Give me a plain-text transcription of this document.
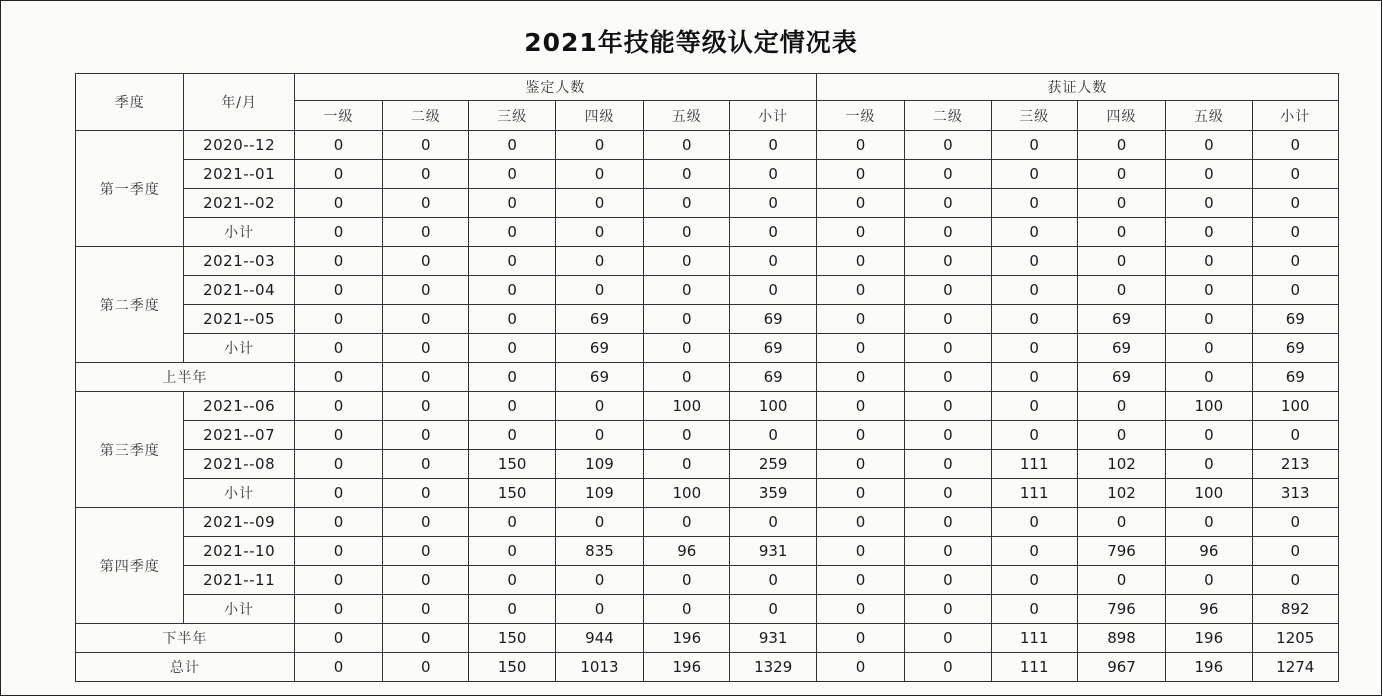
2021年技能等级认定情况表
季度	年/月	鉴定人数						获证人数					
		一级	二级	三级	四级	五级	小计	一级	二级	三级	四级	五级	小计
第一季度	2020--12	0	0	0	0	0	0	0	0	0	0	0	0
	2021--01	0	0	0	0	0	0	0	0	0	0	0	0
	2021--02	0	0	0	0	0	0	0	0	0	0	0	0
	小计	0	0	0	0	0	0	0	0	0	0	0	0
第二季度	2021--03	0	0	0	0	0	0	0	0	0	0	0	0
	2021--04	0	0	0	0	0	0	0	0	0	0	0	0
	2021--05	0	0	0	69	0	69	0	0	0	69	0	69
	小计	0	0	0	69	0	69	0	0	0	69	0	69
上半年		0	0	0	69	0	69	0	0	0	69	0	69
第三季度	2021--06	0	0	0	0	100	100	0	0	0	0	100	100
	2021--07	0	0	0	0	0	0	0	0	0	0	0	0
	2021--08	0	0	150	109	0	259	0	0	111	102	0	213
	小计	0	0	150	109	100	359	0	0	111	102	100	313
第四季度	2021--09	0	0	0	0	0	0	0	0	0	0	0	0
	2021--10	0	0	0	835	96	931	0	0	0	796	96	0
	2021--11	0	0	0	0	0	0	0	0	0	0	0	0
	小计	0	0	0	0	0	0	0	0	0	796	96	892
下半年		0	0	150	944	196	931	0	0	111	898	196	1205
总计		0	0	150	1013	196	1329	0	0	111	967	196	1274
